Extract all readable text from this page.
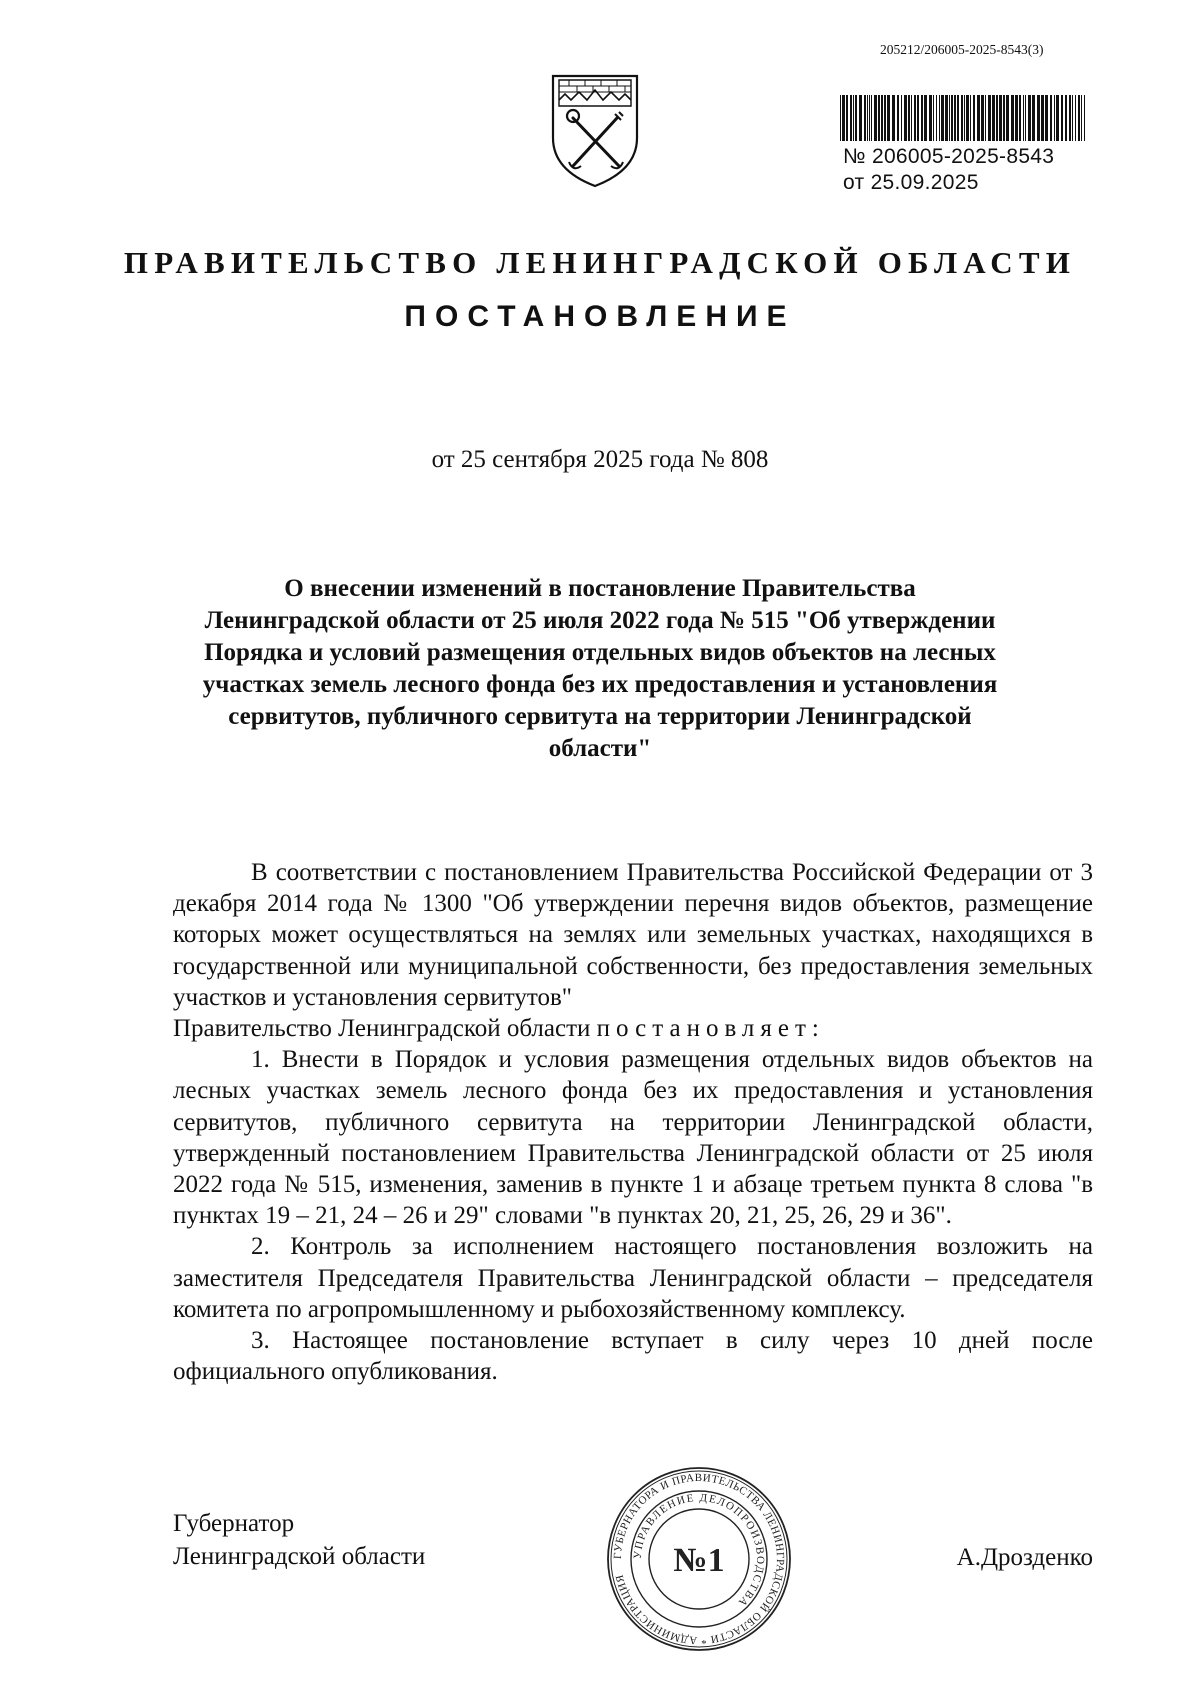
205212/206005-2025-8543(3)
№ 206005-2025-8543
от 25.09.2025
ПРАВИТЕЛЬСТВО ЛЕНИНГРАДСКОЙ ОБЛАСТИ
ПОСТАНОВЛЕНИЕ
от 25 сентября 2025 года № 808

О внесении изменений в постановление Правительства Ленинградской области от 25 июля 2022 года № 515 "Об утверждении Порядка и условий размещения отдельных видов объектов на лесных участках земель лесного фонда без их предоставления и установления сервитутов, публичного сервитута на территории Ленинградской области"

В соответствии с постановлением Правительства Российской Федерации от 3 декабря 2014 года № 1300 "Об утверждении перечня видов объектов, размещение которых может осуществляться на землях или земельных участках, находящихся в государственной или муниципальной собственности, без предоставления земельных участков и установления сервитутов"

Правительство Ленинградской области постановляет:

1. Внести в Порядок и условия размещения отдельных видов объектов на лесных участках земель лесного фонда без их предоставления и установления сервитутов, публичного сервитута на территории Ленинградской области, утвержденный постановлением Правительства Ленинградской области от 25 июля 2022 года № 515, изменения, заменив в пункте 1 и абзаце третьем пункта 8 слова "в пунктах 19 – 21, 24 – 26 и 29" словами "в пунктах 20, 21, 25, 26, 29 и 36".

2. Контроль за исполнением настоящего постановления возложить на заместителя Председателя Правительства Ленинградской области – председателя комитета по агропромышленному и рыбохозяйственному комплексу.

3. Настоящее постановление вступает в силу через 10 дней после официального опубликования.

Губернатор
Ленинградской области	ГУБЕРНАТОРА И ПРАВИТЕЛЬСТВА ЛЕНИНГРАДСКОЙ ОБЛАСТИ * АДМИНИСТРАЦИЯ
УПРАВЛЕНИЕ ДЕЛОПРОИЗВОДСТВА
№1	А.Дрозденко
